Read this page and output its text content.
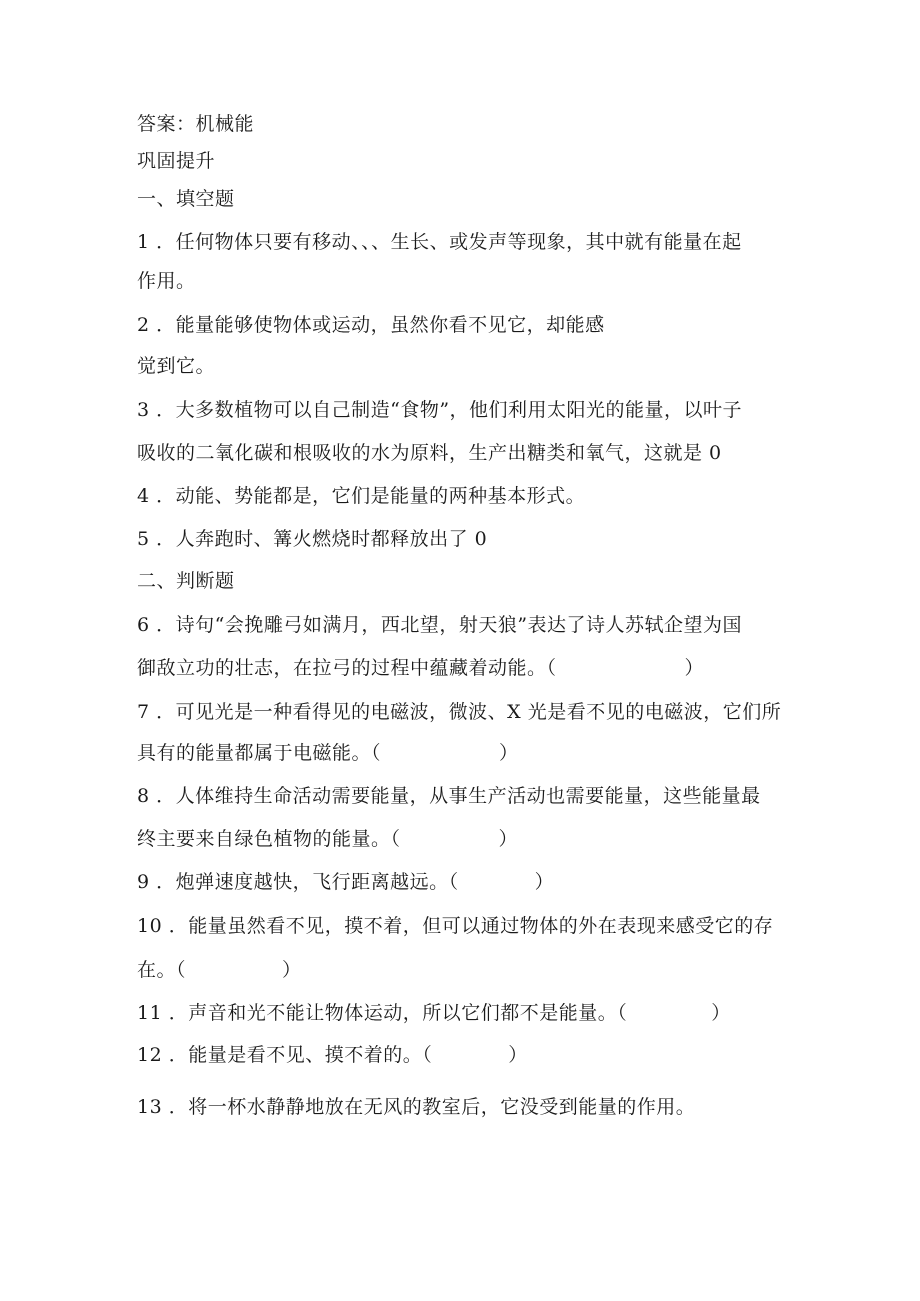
答案：机械能
巩固提升
一、填空题
1 ．任何物体只要有移动、、、生长、或发声等现象，其中就有能量在起
作用。
2 ．能量能够使物体或运动，虽然你看不见它，却能感
觉到它。
3 ．大多数植物可以自己制造“食物”，他们利用太阳光的能量，以叶子
吸收的二氧化碳和根吸收的水为原料，生产出糖类和氧气，这就是 0
4 ．动能、势能都是，它们是能量的两种基本形式。
5 ．人奔跑时、篝火燃烧时都释放出了 0
二、判断题
6 ．诗句“会挽雕弓如满月，西北望，射天狼”表达了诗人苏轼企望为国
御敌立功的壮志，在拉弓的过程中蕴藏着动能。（	）
7 ．可见光是一种看得见的电磁波，微波、X 光是看不见的电磁波，它们所
具有的能量都属于电磁能。（	）
8 ．人体维持生命活动需要能量，从事生产活动也需要能量，这些能量最
终主要来自绿色植物的能量。（	）
9 ．炮弹速度越快，飞行距离越远。（	）
10 ．能量虽然看不见，摸不着，但可以通过物体的外在表现来感受它的存
在。（	）
11 ．声音和光不能让物体运动，所以它们都不是能量。（	）
12 ．能量是看不见、摸不着的。（	）
13 ．将一杯水静静地放在无风的教室后，它没受到能量的作用。
